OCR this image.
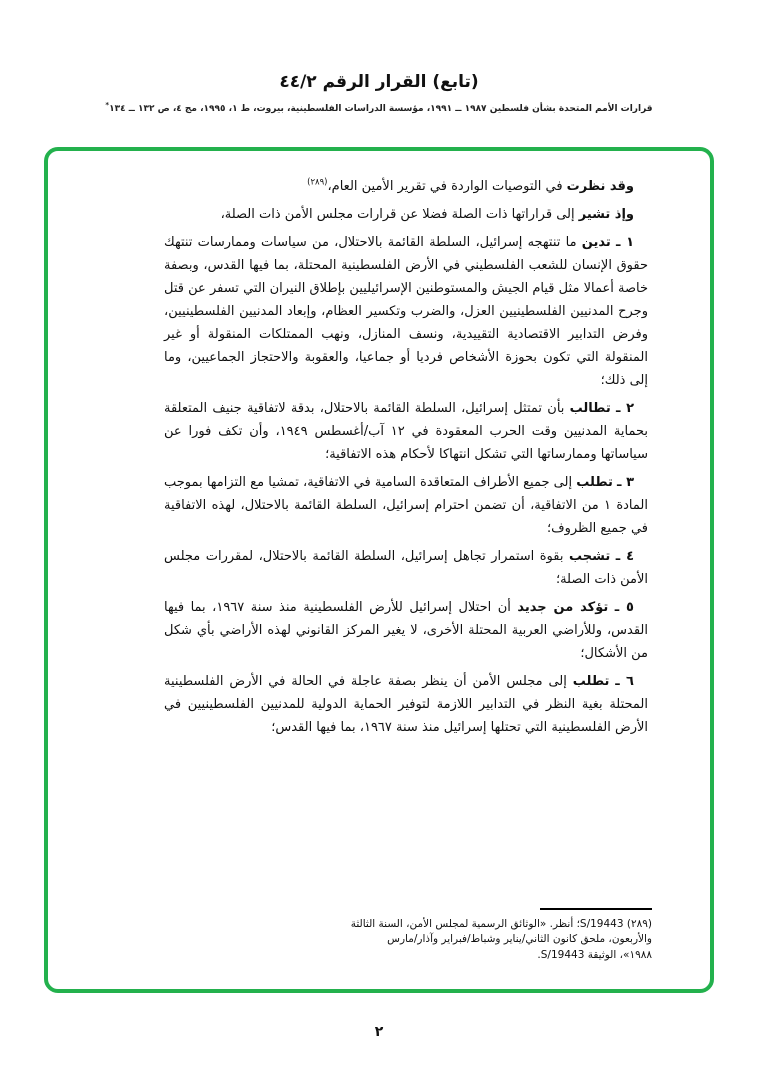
(تابع) القرار الرقم ٤٤/٢
قرارات الأمم المتحدة بشأن فلسطين ١٩٨٧ ــ ١٩٩١، مؤسسة الدراسات الفلسطينية، بيروت، ط ١، ١٩٩٥، مج ٤، ص ١٣٢ ــ ١٣٤*

وقد نظرت في التوصيات الواردة في تقرير الأمين العام،$^{(٢٨٩)}$

وإذ تشير إلى قراراتها ذات الصلة فضلا عن قرارات مجلس الأمن ذات الصلة،

١ ـ تدين ما تنتهجه إسرائيل، السلطة القائمة بالاحتلال، من سياسات وممارسات تنتهك حقوق الإنسان للشعب الفلسطيني في الأرض الفلسطينية المحتلة، بما فيها القدس، وبصفة خاصة أعمالا مثل قيام الجيش والمستوطنين الإسرائيليين بإطلاق النيران التي تسفر عن قتل وجرح المدنيين الفلسطينيين العزل، والضرب وتكسير العظام، وإبعاد المدنيين الفلسطينيين، وفرض التدابير الاقتصادية التقييدية، ونسف المنازل، ونهب الممتلكات المنقولة أو غير المنقولة التي تكون بحوزة الأشخاص فرديا أو جماعيا، والعقوبة والاحتجاز الجماعيين، وما إلى ذلك؛

٢ ـ تطالب بأن تمتثل إسرائيل، السلطة القائمة بالاحتلال، بدقة لاتفاقية جنيف المتعلقة بحماية المدنيين وقت الحرب المعقودة في ١٢ آب/أغسطس ١٩٤٩، وأن تكف فورا عن سياساتها وممارساتها التي تشكل انتهاكا لأحكام هذه الاتفاقية؛

٣ ـ تطلب إلى جميع الأطراف المتعاقدة السامية في الاتفاقية، تمشيا مع التزامها بموجب المادة ١ من الاتفاقية، أن تضمن احترام إسرائيل، السلطة القائمة بالاحتلال، لهذه الاتفاقية في جميع الظروف؛

٤ ـ تشجب بقوة استمرار تجاهل إسرائيل، السلطة القائمة بالاحتلال، لمقررات مجلس الأمن ذات الصلة؛

٥ ـ تؤكد من جديد أن احتلال إسرائيل للأرض الفلسطينية منذ سنة ١٩٦٧، بما فيها القدس، وللأراضي العربية المحتلة الأخرى، لا يغير المركز القانوني لهذه الأراضي بأي شكل من الأشكال؛

٦ ـ تطلب إلى مجلس الأمن أن ينظر بصفة عاجلة في الحالة في الأرض الفلسطينية المحتلة بغية النظر في التدابير اللازمة لتوفير الحماية الدولية للمدنيين الفلسطينيين في الأرض الفلسطينية التي تحتلها إسرائيل منذ سنة ١٩٦٧، بما فيها القدس؛

(٢٨٩) S/19443؛ أنظر. «الوثائق الرسمية لمجلس الأمن، السنة الثالثة
والأربعون، ملحق كانون الثاني/يناير وشباط/فبراير وآذار/مارس
١٩٨٨»، الوثيقة S/19443.
٢
